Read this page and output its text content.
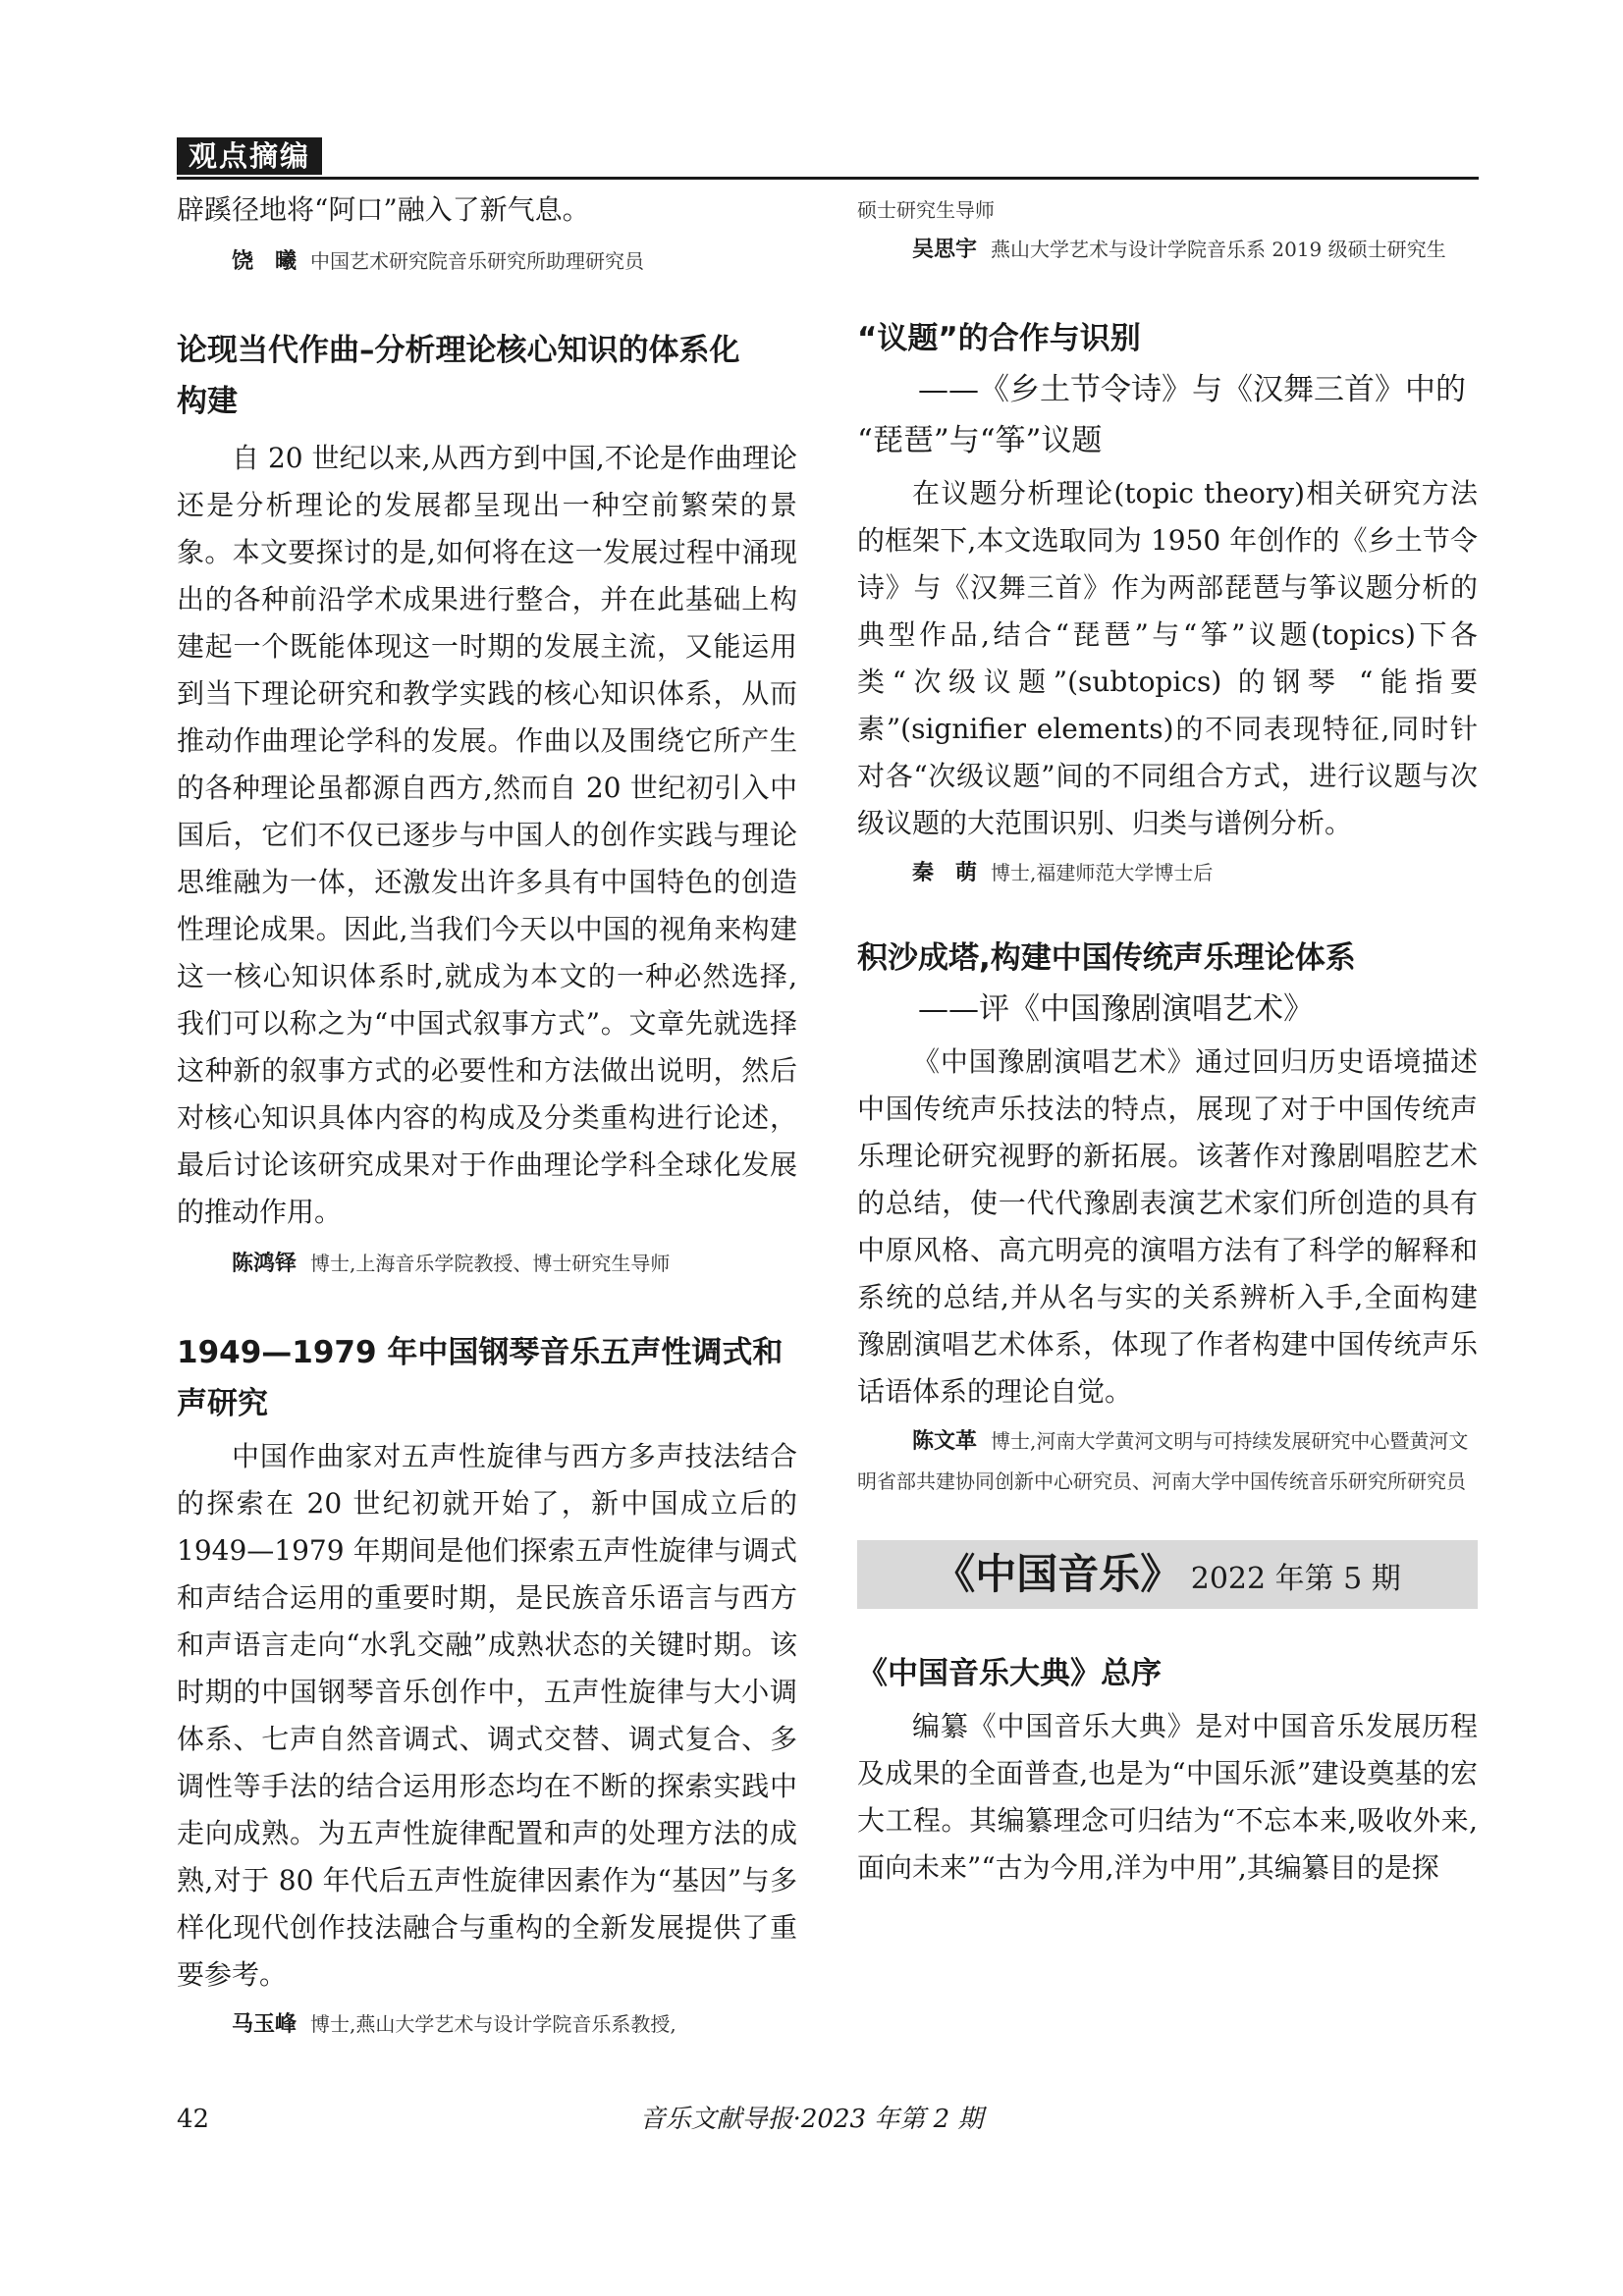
观点摘编

辟蹊径地将“阿口”融入了新气息。

饶　曦 中国艺术研究院音乐研究所助理研究员

论现当代作曲–分析理论核心知识的体系化

构建

自 20 世纪以来,从西方到中国,不论是作曲理论还是分析理论的发展都呈现出一种空前繁荣的景象。本文要探讨的是,如何将在这一发展过程中涌现出的各种前沿学术成果进行整合，并在此基础上构建起一个既能体现这一时期的发展主流，又能运用到当下理论研究和教学实践的核心知识体系，从而推动作曲理论学科的发展。作曲以及围绕它所产生的各种理论虽都源自西方,然而自 20 世纪初引入中国后，它们不仅已逐步与中国人的创作实践与理论思维融为一体，还激发出许多具有中国特色的创造性理论成果。因此,当我们今天以中国的视角来构建这一核心知识体系时,就成为本文的一种必然选择,我们可以称之为“中国式叙事方式”。文章先就选择这种新的叙事方式的必要性和方法做出说明，然后对核心知识具体内容的构成及分类重构进行论述，最后讨论该研究成果对于作曲理论学科全球化发展的推动作用。

陈鸿铎 博士,上海音乐学院教授、博士研究生导师

1949—1979 年中国钢琴音乐五声性调式和

声研究

中国作曲家对五声性旋律与西方多声技法结合的探索在 20 世纪初就开始了，新中国成立后的 1949—1979 年期间是他们探索五声性旋律与调式和声结合运用的重要时期，是民族音乐语言与西方和声语言走向“水乳交融”成熟状态的关键时期。该时期的中国钢琴音乐创作中，五声性旋律与大小调体系、七声自然音调式、调式交替、调式复合、多调性等手法的结合运用形态均在不断的探索实践中走向成熟。为五声性旋律配置和声的处理方法的成熟,对于 80 年代后五声性旋律因素作为“基因”与多样化现代创作技法融合与重构的全新发展提供了重要参考。

马玉峰 博士,燕山大学艺术与设计学院音乐系教授,

硕士研究生导师

吴思宇 燕山大学艺术与设计学院音乐系 2019 级硕士研究生

“议题”的合作与识别

——《乡土节令诗》与《汉舞三首》中的

“琵琶”与“筝”议题

在议题分析理论(topic theory)相关研究方法的框架下,本文选取同为 1950 年创作的《乡土节令诗》与《汉舞三首》作为两部琵琶与筝议题分析的典型作品,结合“琵琶”与“筝”议题(topics)下各类“次级议题”(subtopics) 的钢琴 “能指要素”(signifier elements)的不同表现特征,同时针对各“次级议题”间的不同组合方式，进行议题与次级议题的大范围识别、归类与谱例分析。

秦　萌 博士,福建师范大学博士后

积沙成塔,构建中国传统声乐理论体系

——评《中国豫剧演唱艺术》

《中国豫剧演唱艺术》通过回归历史语境描述中国传统声乐技法的特点，展现了对于中国传统声乐理论研究视野的新拓展。该著作对豫剧唱腔艺术的总结，使一代代豫剧表演艺术家们所创造的具有中原风格、高亢明亮的演唱方法有了科学的解释和系统的总结,并从名与实的关系辨析入手,全面构建豫剧演唱艺术体系，体现了作者构建中国传统声乐话语体系的理论自觉。

陈文革 博士,河南大学黄河文明与可持续发展研究中心暨黄河文明省部共建协同创新中心研究员、河南大学中国传统音乐研究所研究员

《中国音乐》 2022 年第 5 期

《中国音乐大典》总序

编纂《中国音乐大典》是对中国音乐发展历程及成果的全面普查,也是为“中国乐派”建设奠基的宏大工程。其编纂理念可归结为“不忘本来,吸收外来,面向未来”“古为今用,洋为中用”,其编纂目的是探

音乐文献导报·2023 年第 2 期
42
